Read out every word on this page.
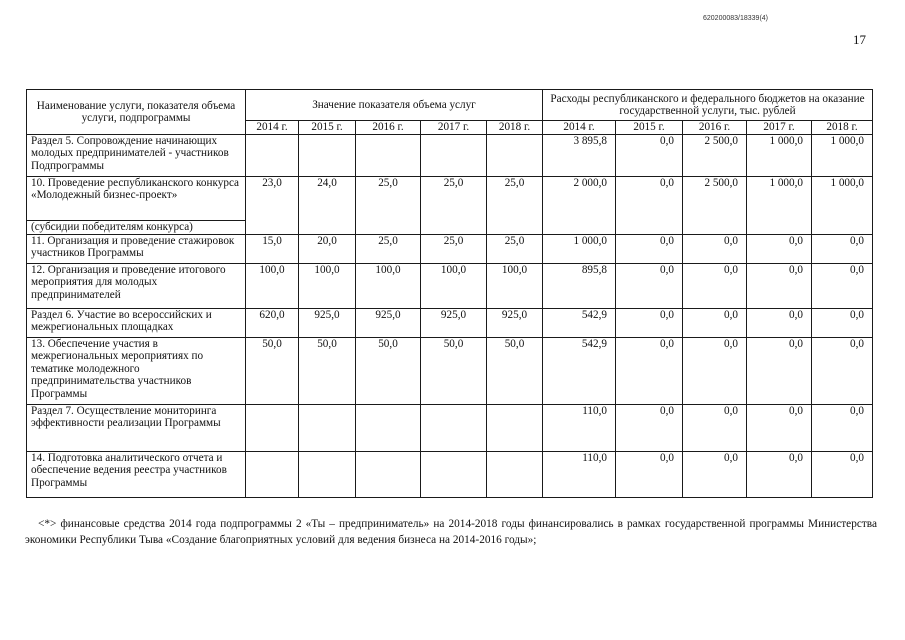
620200083/18339(4)
17
Наименование услуги, показателя объема услуги, подпрограммы	Значение показателя объема услуг					Расходы республиканского и федерального бюджетов на оказание государственной услуги, тыс. рублей				
	2014 г.	2015 г.	2016 г.	2017 г.	2018 г.	2014 г.	2015 г.	2016 г.	2017 г.	2018 г.
Раздел 5. Сопровождение начинающих молодых предпринимателей - участников Подпрограммы						3 895,8	0,0	2 500,0	1 000,0	1 000,0
10. Проведение республиканского конкурса «Молодежный бизнес-проект»	23,0	24,0	25,0	25,0	25,0	2 000,0	0,0	2 500,0	1 000,0	1 000,0
(субсидии победителям конкурса)										
11. Организация и проведение стажировок участников Программы	15,0	20,0	25,0	25,0	25,0	1 000,0	0,0	0,0	0,0	0,0
12. Организация и проведение итогового мероприятия для молодых предпринимателей	100,0	100,0	100,0	100,0	100,0	895,8	0,0	0,0	0,0	0,0
Раздел 6. Участие во всероссийских и межрегиональных площадках	620,0	925,0	925,0	925,0	925,0	542,9	0,0	0,0	0,0	0,0
13. Обеспечение участия в межрегиональных мероприятиях по тематике молодежного предпринимательства участников Программы	50,0	50,0	50,0	50,0	50,0	542,9	0,0	0,0	0,0	0,0
Раздел 7. Осуществление мониторинга эффективности реализации Программы						110,0	0,0	0,0	0,0	0,0
14. Подготовка аналитического отчета и обеспечение ведения реестра участников Программы						110,0	0,0	0,0	0,0	0,0
<*> финансовые средства 2014 года подпрограммы 2 «Ты – предприниматель» на 2014-2018 годы финансировались в рамках государственной программы Министерства экономики Республики Тыва «Создание благоприятных условий для ведения бизнеса на 2014-2016 годы»;
